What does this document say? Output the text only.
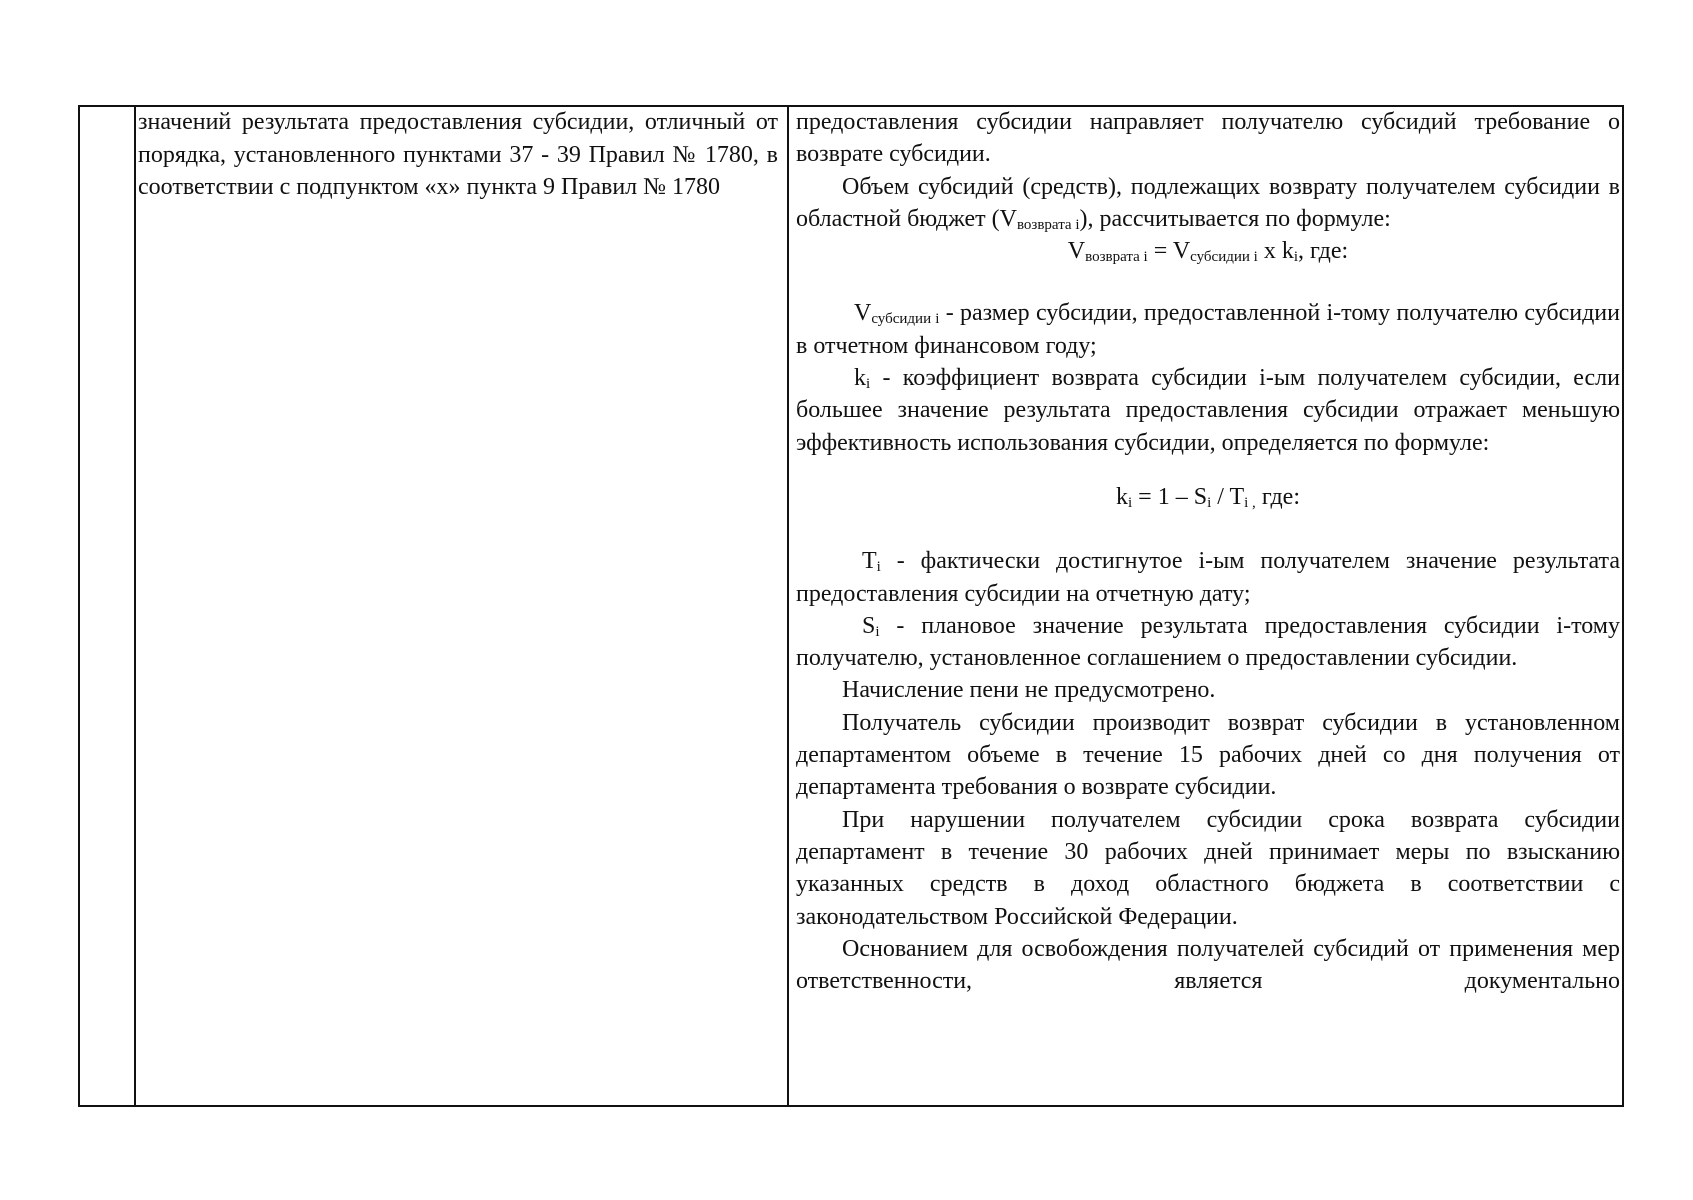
значений результата предоставления субсидии, отличный от порядка, установленного пунктами 37 - 39 Правил № 1780, в соответствии с подпунктом «х» пункта 9 Правил № 1780

предоставления субсидии направляет получателю субсидий требование о возврате субсидии.

Объем субсидий (средств), подлежащих возврату получателем субсидии в областной бюджет $(V_{возврата i})$, рассчитывается по формуле:

$V_{возврата i} = V_{субсидии i}$ x $k_i$, где:

$V_{субсидии i}$ - размер субсидии, предоставленной i-тому получателю субсидии в отчетном финансовом году;

$k_i$ - коэффициент возврата субсидии i-ым получателем субсидии, если большее значение результата предоставления субсидии отражает меньшую эффективность использования субсидии, определяется по формуле:

$k_i = 1 - S_i / T_{i ,}$ где:

$T_i$ - фактически достигнутое i-ым получателем значение результата предоставления субсидии на отчетную дату;

$S_i$ - плановое значение результата предоставления субсидии i-тому получателю, установленное соглашением о предоставлении субсидии.

Начисление пени не предусмотрено.

Получатель субсидии производит возврат субсидии в установленном департаментом объеме в течение 15 рабочих дней со дня получения от департамента требования о возврате субсидии.

При нарушении получателем субсидии срока возврата субсидии департамент в течение 30 рабочих дней принимает меры по взысканию указанных средств в доход областного бюджета в соответствии с законодательством Российской Федерации.

Основанием для освобождения получателей субсидий от применения мер ответственности, является документально
